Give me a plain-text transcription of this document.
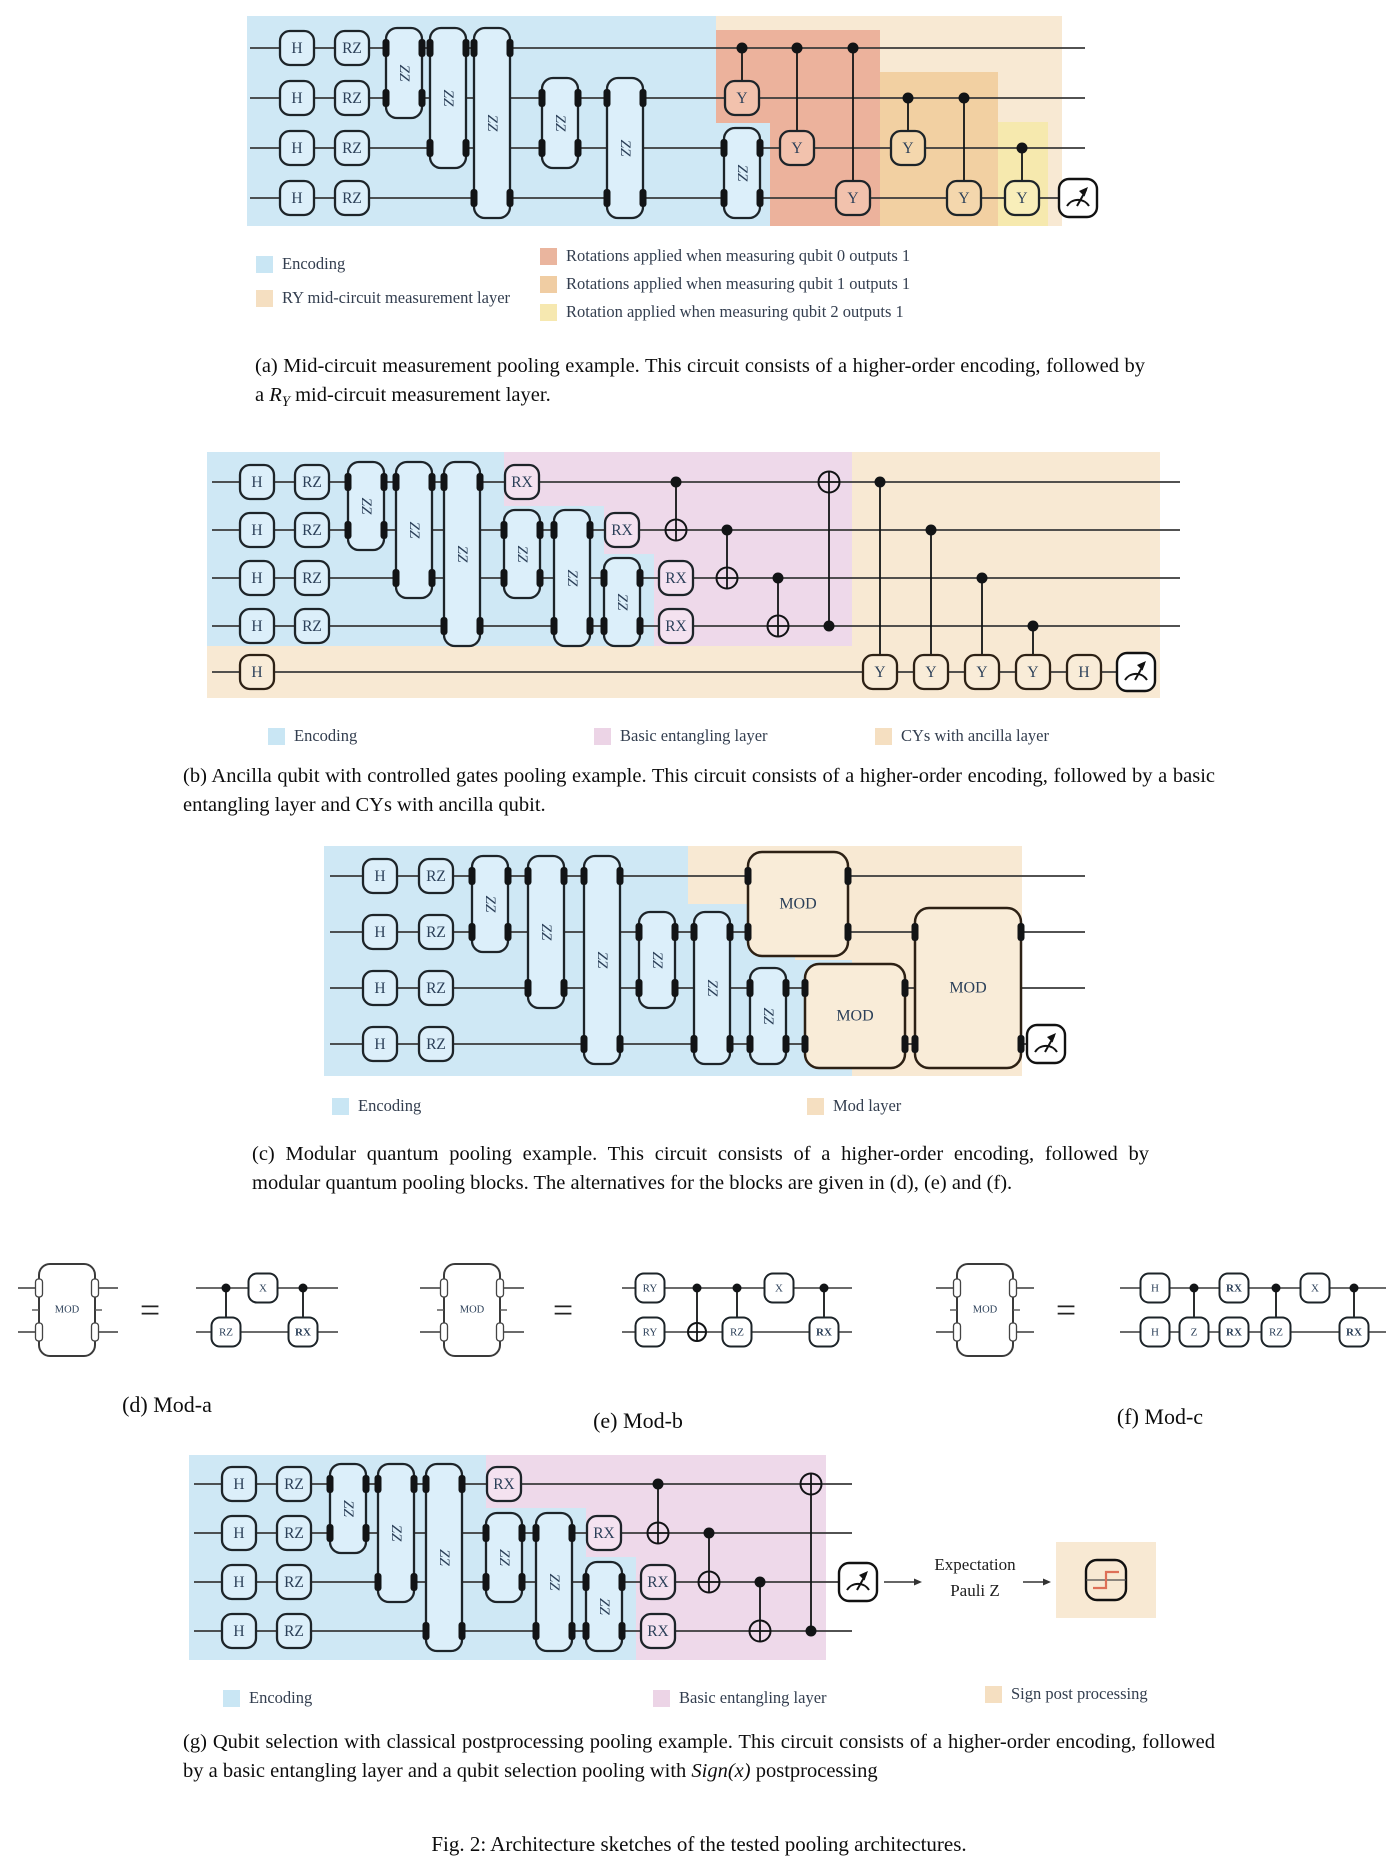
H
H
H
H
RZ
RZ
RZ
RZ
ZZ
ZZ
ZZ	ZZ
ZZ
ZZ
Y
Y
Y
Y
Y	Y
H
H
H
H
H
RZ
RZ
RZ
RZ
ZZ
ZZ
ZZ	ZZ
ZZ
ZZ
RX
RX
RX
RX
Y	Y	Y	Y	H
H
H
H
H
RZ
RZ
RZ
RZ
ZZ
ZZ
ZZ	ZZ
ZZ
ZZ
MOD
MOD
MOD
H
H
H
H
RZ
RZ
RZ
RZ
ZZ
ZZ
ZZ	ZZ
ZZ
ZZ
RX
RX
RX
RX
MOD =
RZ
X
RX
MOD =
RY
RY	RZ
X
RX
MOD =
H
H	Z
RX
RX RZ
X
RX
Encoding
RY mid-circuit measurement layer
Rotations applied when measuring qubit 0 outputs 1
Rotations applied when measuring qubit 1 outputs 1
Rotation applied when measuring qubit 2 outputs 1
(a) Mid-circuit measurement pooling example. This circuit consists of a higher-order encoding, followed by a $R_Y$ mid-circuit measurement layer.
Encoding	Basic entangling layer	CYs with ancilla layer
(b) Ancilla qubit with controlled gates pooling example. This circuit consists of a higher-order encoding, followed by a basic entangling layer and CYs with ancilla qubit.
Encoding	Mod layer
(c) Modular quantum pooling example. This circuit consists of a higher-order encoding, followed by modular quantum pooling blocks. The alternatives for the blocks are given in (d), (e) and (f).
(d) Mod-a
(e) Mod-b	(f) Mod-c
Expectation
Pauli Z
Encoding	Basic entangling layer	Sign post processing
(g) Qubit selection with classical postprocessing pooling example. This circuit consists of a higher-order encoding, followed by a basic entangling layer and a qubit selection pooling with Sign(x) postprocessing
Fig. 2: Architecture sketches of the tested pooling architectures.
